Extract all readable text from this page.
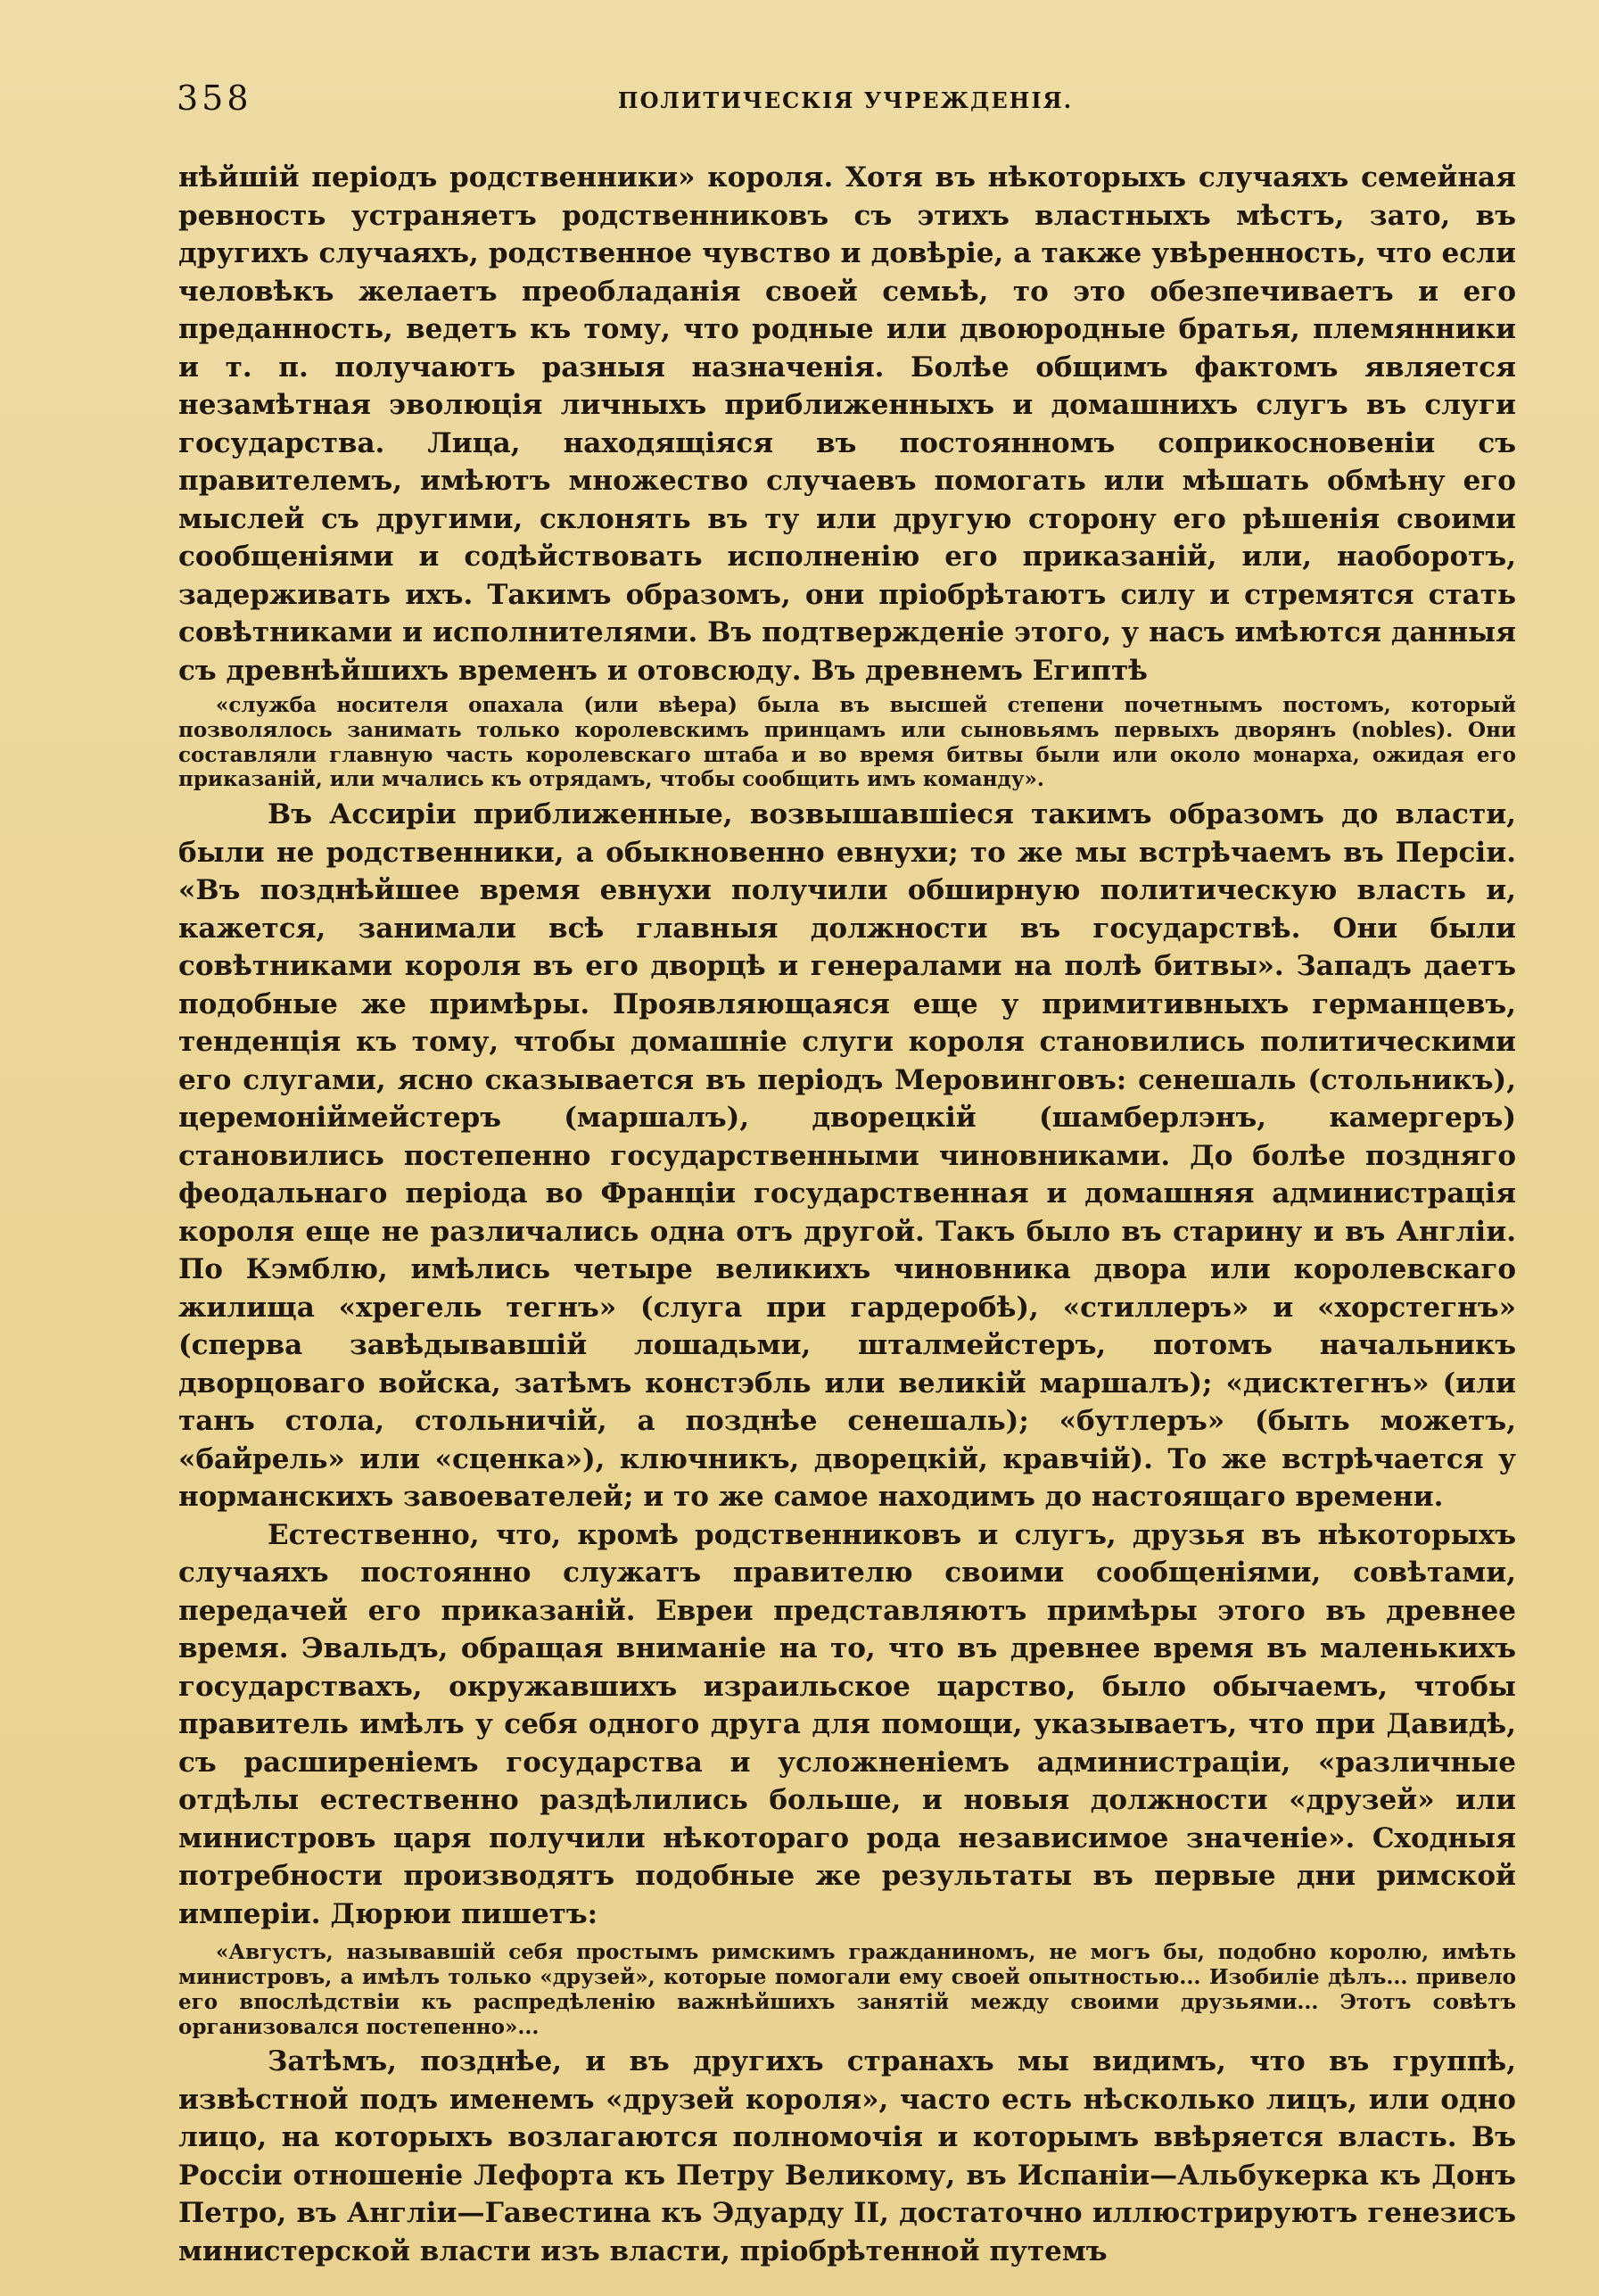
358	ПОЛИТИЧЕСКІЯ УЧРЕЖДЕНІЯ.

нѣйшій періодъ родственники» короля. Хотя въ нѣкоторыхъ случаяхъ семейная ревность устраняетъ родственниковъ съ этихъ властныхъ мѣстъ, зато, въ другихъ случаяхъ, родственное чувство и довѣріе, а также увѣренность, что если человѣкъ желаетъ преобладанія своей семьѣ, то это обезпечиваетъ и его преданность, ведетъ къ тому, что родные или двоюродные братья, племянники и т. п. получаютъ разныя назначенія. Болѣе общимъ фактомъ является незамѣтная эволюція личныхъ приближенныхъ и домашнихъ слугъ въ слуги государства. Лица, находящіяся въ постоянномъ соприкосновеніи съ правителемъ, имѣютъ множество случаевъ помогать или мѣшать обмѣну его мыслей съ другими, склонять въ ту или другую сторону его рѣшенія своими сообщеніями и содѣйствовать исполненію его приказаній, или, наоборотъ, задерживать ихъ. Такимъ образомъ, они пріобрѣтаютъ силу и стремятся стать совѣтниками и исполнителями. Въ подтвержденіе этого, у насъ имѣются данныя съ древнѣйшихъ временъ и отовсюду. Въ древнемъ Египтѣ

«служба носителя опахала (или вѣера) была въ высшей степени почетнымъ постомъ, который позволялось занимать только королевскимъ принцамъ или сыновьямъ первыхъ дворянъ (nobles). Они составляли главную часть королевскаго штаба и во время битвы были или около монарха, ожидая его приказаній, или мчались къ отрядамъ, чтобы сообщить имъ команду».

Въ Ассиріи приближенные, возвышавшіеся такимъ образомъ до власти, были не родственники, а обыкновенно евнухи; то же мы встрѣчаемъ въ Персіи. «Въ позднѣйшее время евнухи получили обширную политическую власть и, кажется, занимали всѣ главныя должности въ государствѣ. Они были совѣтниками короля въ его дворцѣ и генералами на полѣ битвы». Западъ даетъ подобные же примѣры. Проявляющаяся еще у примитивныхъ германцевъ, тенденція къ тому, чтобы домашніе слуги короля становились политическими его слугами, ясно сказывается въ періодъ Меровинговъ: сенешаль (стольникъ), церемоніймейстеръ (маршалъ), дворецкій (шамберлэнъ, камергеръ) становились постепенно государственными чиновниками. До болѣе поздняго феодальнаго періода во Франціи государственная и домашняя администрація короля еще не различались одна отъ другой. Такъ было въ старину и въ Англіи. По Кэмблю, имѣлись четыре великихъ чиновника двора или королевскаго жилища «хрегель тегнъ» (слуга при гардеробѣ), «стиллеръ» и «хорстегнъ» (сперва завѣдывавшій лошадьми, шталмейстеръ, потомъ начальникъ дворцоваго войска, затѣмъ констэбль или великій маршалъ); «дисктегнъ» (или танъ стола, стольничій, а позднѣе сенешаль); «бутлеръ» (быть можетъ, «байрель» или «сценка»), ключникъ, дворецкій, кравчій). То же встрѣчается у норманскихъ завоевателей; и то же самое находимъ до настоящаго времени.

Естественно, что, кромѣ родственниковъ и слугъ, друзья въ нѣкоторыхъ случаяхъ постоянно служатъ правителю своими сообщеніями, совѣтами, передачей его приказаній. Евреи представляютъ примѣры этого въ древнее время. Эвальдъ, обращая вниманіе на то, что въ древнее время въ маленькихъ государствахъ, окружавшихъ израильское царство, было обычаемъ, чтобы правитель имѣлъ у себя одного друга для помощи, указываетъ, что при Давидѣ, съ расширеніемъ государства и усложненіемъ администраціи, «различные отдѣлы естественно раздѣлились больше, и новыя должности «друзей» или министровъ царя получили нѣкотораго рода независимое значеніе». Сходныя потребности производятъ подобные же результаты въ первые дни римской имперіи. Дюрюи пишетъ:

«Августъ, называвшій себя простымъ римскимъ гражданиномъ, не могъ бы, подобно королю, имѣть министровъ, а имѣлъ только «друзей», которые помогали ему своей опытностью... Изобиліе дѣлъ... привело его впослѣдствіи къ распредѣленію важнѣйшихъ занятій между своими друзьями... Этотъ совѣтъ организовался постепенно»...

Затѣмъ, позднѣе, и въ другихъ странахъ мы видимъ, что въ группѣ, извѣстной подъ именемъ «друзей короля», часто есть нѣсколько лицъ, или одно лицо, на которыхъ возлагаются полномочія и которымъ ввѣряется власть. Въ Россіи отношеніе Лефорта къ Петру Великому, въ Испаніи—Альбукерка къ Донъ Петро, въ Англіи—Гавестина къ Эдуарду II, достаточно иллюстрируютъ генезисъ министерской власти изъ власти, пріобрѣтенной путемъ
